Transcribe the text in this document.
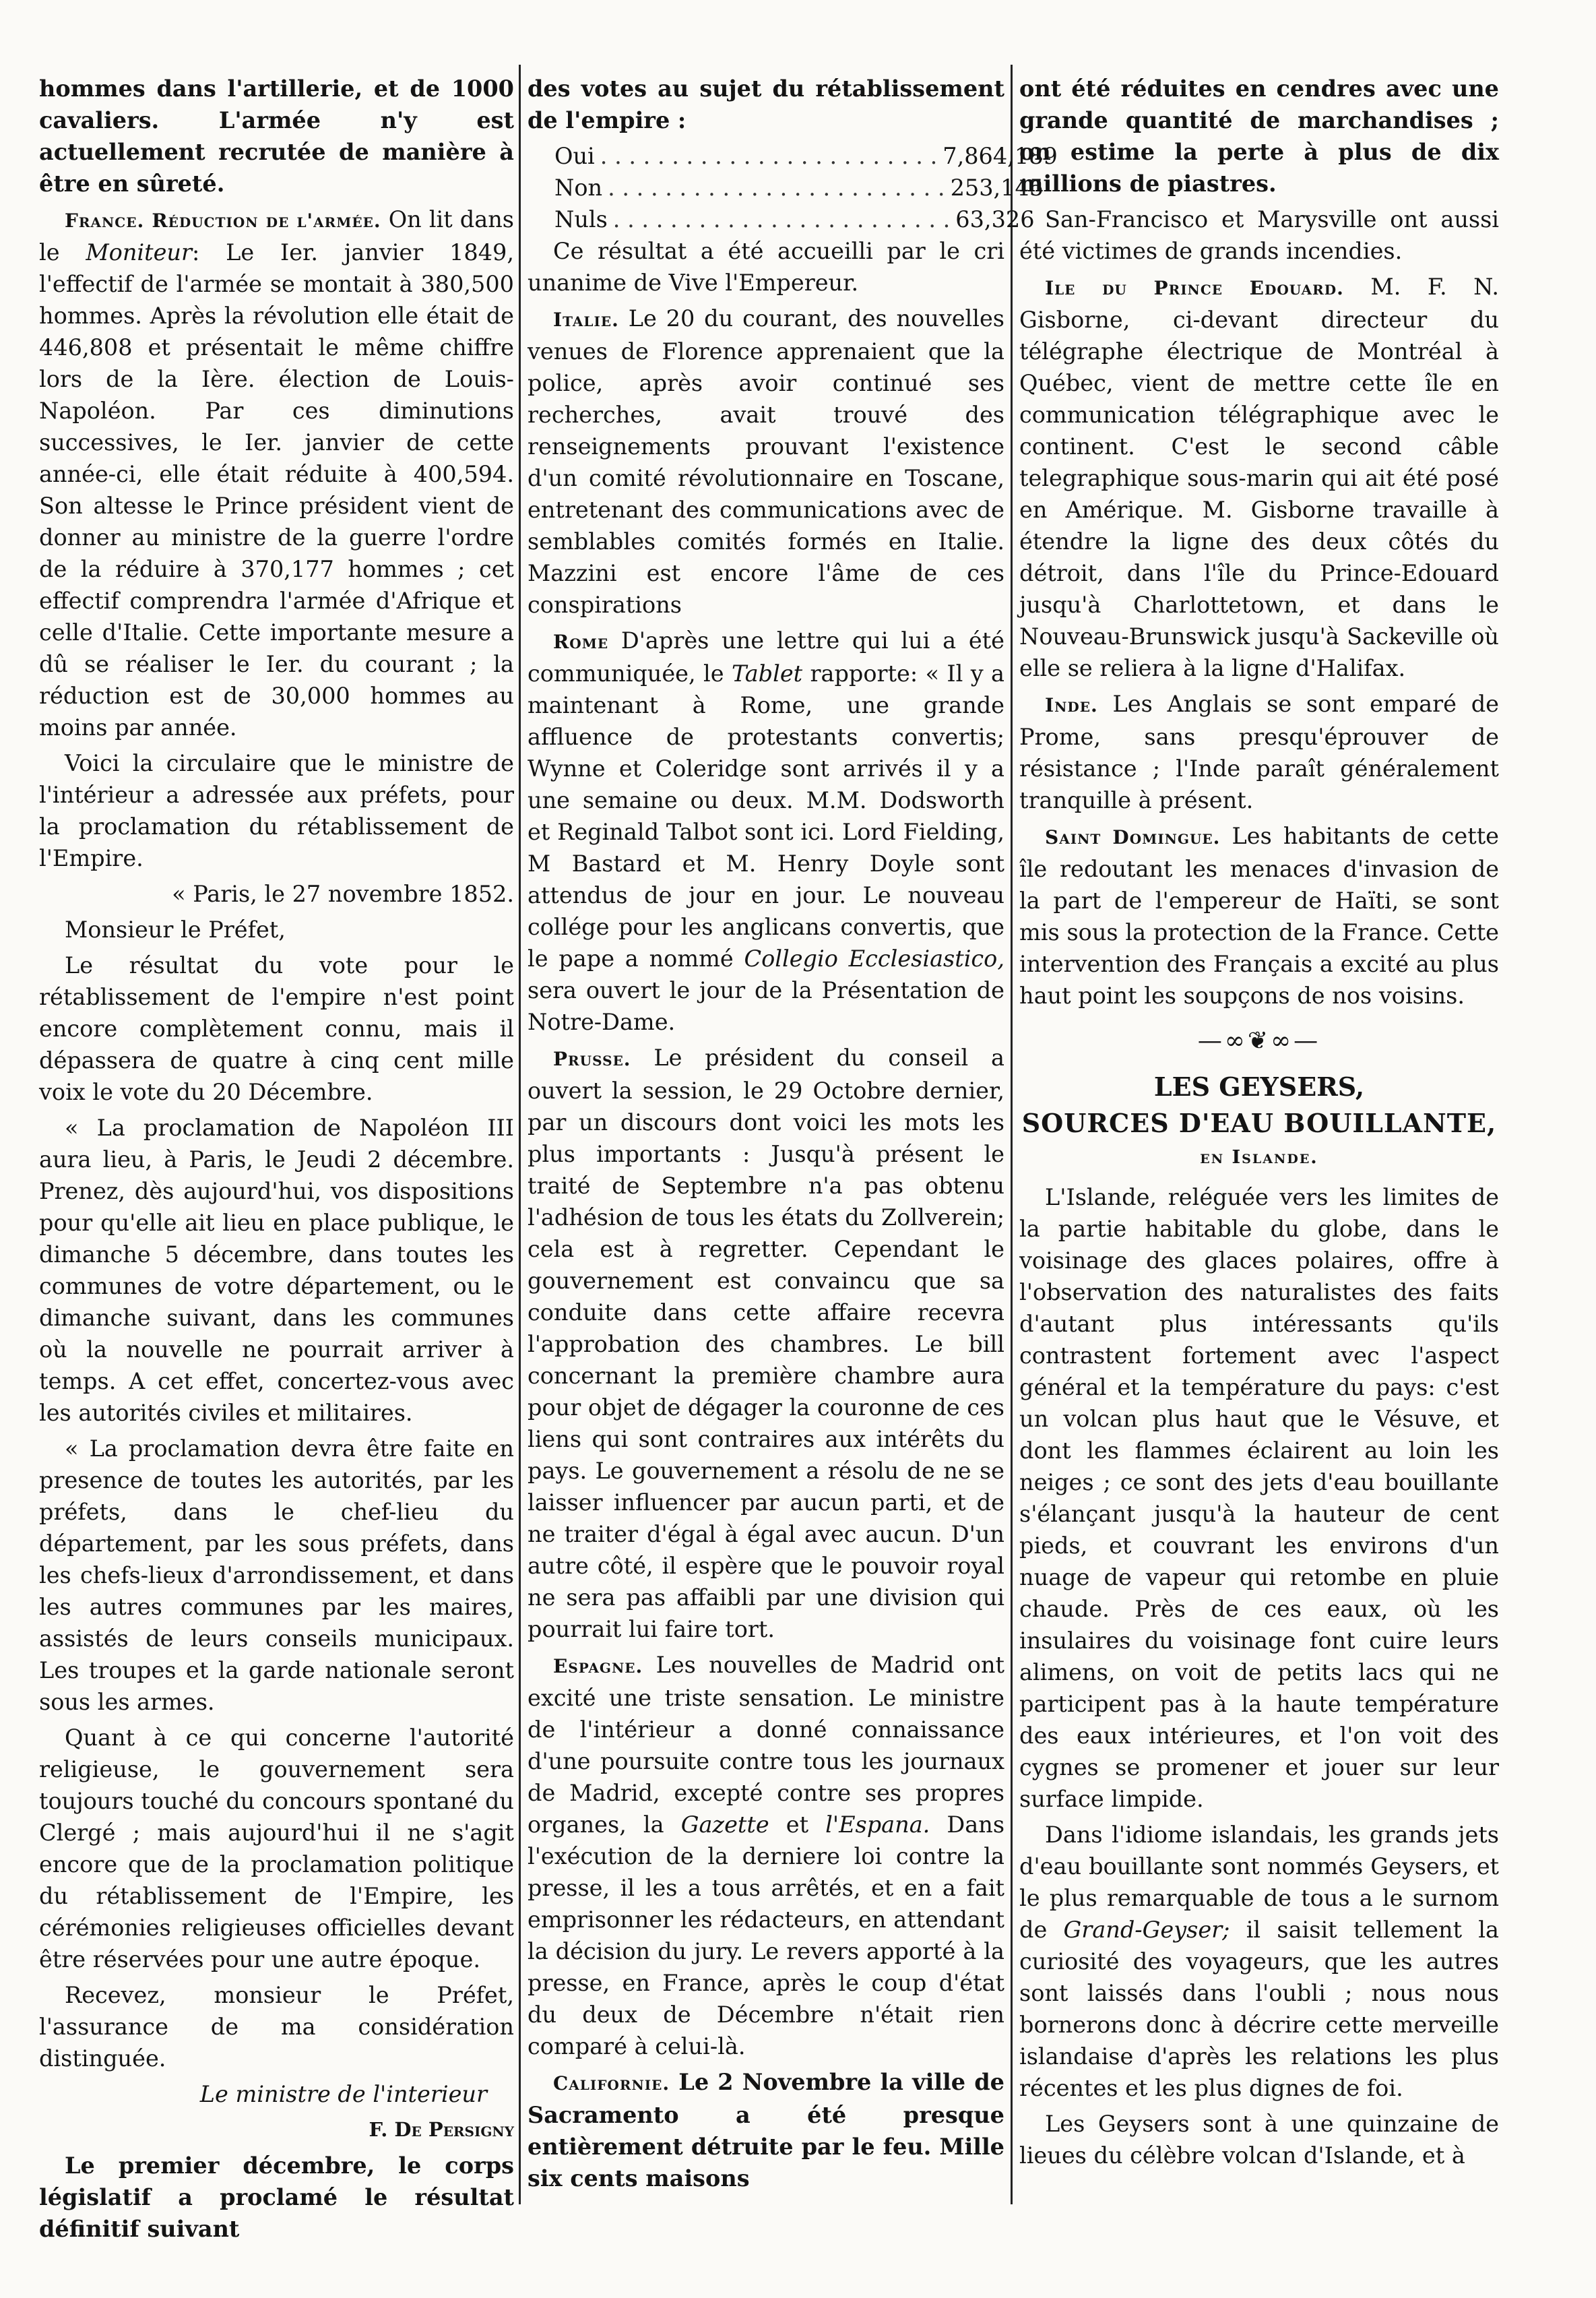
hommes dans l'artillerie, et de 1000 cavaliers. L'armée n'y est actuellement recrutée de manière à être en sûreté.

France. Réduction de l'armée. On lit dans le Moniteur: Le Ier. janvier 1849, l'effectif de l'armée se montait à 380,500 hommes. Après la révolution elle était de 446,808 et présentait le même chiffre lors de la Ière. élection de Louis-Napoléon. Par ces diminutions successives, le Ier. janvier de cette année-ci, elle était réduite à 400,594. Son altesse le Prince président vient de donner au ministre de la guerre l'ordre de la réduire à 370,177 hommes ; cet effectif comprendra l'armée d'Afrique et celle d'Italie. Cette importante mesure a dû se réaliser le Ier. du courant ; la réduction est de 30,000 hommes au moins par année.

Voici la circulaire que le ministre de l'intérieur a adressée aux préfets, pour la proclamation du rétablissement de l'Empire.

« Paris, le 27 novembre 1852.

Monsieur le Préfet,

Le résultat du vote pour le rétablissement de l'empire n'est point encore complètement connu, mais il dépassera de quatre à cinq cent mille voix le vote du 20 Décembre.

« La proclamation de Napoléon III aura lieu, à Paris, le Jeudi 2 décembre. Prenez, dès aujourd'hui, vos dispositions pour qu'elle ait lieu en place publique, le dimanche 5 décembre, dans toutes les communes de votre département, ou le dimanche suivant, dans les communes où la nouvelle ne pourrait arriver à temps. A cet effet, concertez-vous avec les autorités civiles et militaires.

« La proclamation devra être faite en presence de toutes les autorités, par les préfets, dans le chef-lieu du département, par les sous préfets, dans les chefs-lieux d'arrondissement, et dans les autres communes par les maires, assistés de leurs conseils municipaux. Les troupes et la garde nationale seront sous les armes.

Quant à ce qui concerne l'autorité religieuse, le gouvernement sera toujours touché du concours spontané du Clergé ; mais aujourd'hui il ne s'agit encore que de la proclamation politique du rétablissement de l'Empire, les cérémonies religieuses officielles devant être réservées pour une autre époque.

Recevez, monsieur le Préfet, l'assurance de ma considération distinguée.

Le ministre de l'interieur

F. De Persigny

Le premier décembre, le corps législatif a proclamé le résultat définitif suivant

des votes au sujet du rétablissement de l'empire :

Oui . . . . . . . . . . . . . . . . . . . . . . . . 7,864,189
Non . . . . . . . . . . . . . . . . . . . . . . . . 253,145
Nuls . . . . . . . . . . . . . . . . . . . . . . . . 63,326

Ce résultat a été accueilli par le cri unanime de Vive l'Empereur.

Italie. Le 20 du courant, des nouvelles venues de Florence apprenaient que la police, après avoir continué ses recherches, avait trouvé des renseignements prouvant l'existence d'un comité révolutionnaire en Toscane, entretenant des communications avec de semblables comités formés en Italie. Mazzini est encore l'âme de ces conspirations

Rome D'après une lettre qui lui a été communiquée, le Tablet rapporte: « Il y a maintenant à Rome, une grande affluence de protestants convertis; Wynne et Coleridge sont arrivés il y a une semaine ou deux. M.M. Dodsworth et Reginald Talbot sont ici. Lord Fielding, M Bastard et M. Henry Doyle sont attendus de jour en jour. Le nouveau collége pour les anglicans convertis, que le pape a nommé Collegio Ecclesiastico, sera ouvert le jour de la Présentation de Notre-Dame.

Prusse. Le président du conseil a ouvert la session, le 29 Octobre dernier, par un discours dont voici les mots les plus importants : Jusqu'à présent le traité de Septembre n'a pas obtenu l'adhésion de tous les états du Zollverein; cela est à regretter. Cependant le gouvernement est convaincu que sa conduite dans cette affaire recevra l'approbation des chambres. Le bill concernant la première chambre aura pour objet de dégager la couronne de ces liens qui sont contraires aux intérêts du pays. Le gouvernement a résolu de ne se laisser influencer par aucun parti, et de ne traiter d'égal à égal avec aucun. D'un autre côté, il espère que le pouvoir royal ne sera pas affaibli par une division qui pourrait lui faire tort.

Espagne. Les nouvelles de Madrid ont excité une triste sensation. Le ministre de l'intérieur a donné connaissance d'une poursuite contre tous les journaux de Madrid, excepté contre ses propres organes, la Gazette et l'Espana. Dans l'exécution de la derniere loi contre la presse, il les a tous arrêtés, et en a fait emprisonner les rédacteurs, en attendant la décision du jury. Le revers apporté à la presse, en France, après le coup d'état du deux de Décembre n'était rien comparé à celui-là.

Californie. Le 2 Novembre la ville de Sacramento a été presque entièrement détruite par le feu. Mille six cents maisons

ont été réduites en cendres avec une grande quantité de marchandises ; on estime la perte à plus de dix millions de piastres.

San-Francisco et Marysville ont aussi été victimes de grands incendies.

Ile du Prince Edouard. M. F. N. Gisborne, ci-devant directeur du télégraphe électrique de Montréal à Québec, vient de mettre cette île en communication télégraphique avec le continent. C'est le second câble telegraphique sous-marin qui ait été posé en Amérique. M. Gisborne travaille à étendre la ligne des deux côtés du détroit, dans l'île du Prince-Edouard jusqu'à Charlottetown, et dans le Nouveau-Brunswick jusqu'à Sackeville où elle se reliera à la ligne d'Halifax.

Inde. Les Anglais se sont emparé de Prome, sans presqu'éprouver de résistance ; l'Inde paraît généralement tranquille à présent.

Saint Domingue. Les habitants de cette île redoutant les menaces d'invasion de la part de l'empereur de Haïti, se sont mis sous la protection de la France. Cette intervention des Français a excité au plus haut point les soupçons de nos voisins.

—∞❦∞—

LES GEYSERS,

SOURCES D'EAU BOUILLANTE,

en Islande.

L'Islande, reléguée vers les limites de la partie habitable du globe, dans le voisinage des glaces polaires, offre à l'observation des naturalistes des faits d'autant plus intéressants qu'ils contrastent fortement avec l'aspect général et la température du pays: c'est un volcan plus haut que le Vésuve, et dont les flammes éclairent au loin les neiges ; ce sont des jets d'eau bouillante s'élançant jusqu'à la hauteur de cent pieds, et couvrant les environs d'un nuage de vapeur qui retombe en pluie chaude. Près de ces eaux, où les insulaires du voisinage font cuire leurs alimens, on voit de petits lacs qui ne participent pas à la haute température des eaux intérieures, et l'on voit des cygnes se promener et jouer sur leur surface limpide.

Dans l'idiome islandais, les grands jets d'eau bouillante sont nommés Geysers, et le plus remarquable de tous a le surnom de Grand-Geyser; il saisit tellement la curiosité des voyageurs, que les autres sont laissés dans l'oubli ; nous nous bornerons donc à décrire cette merveille islandaise d'après les relations les plus récentes et les plus dignes de foi.

Les Geysers sont à une quinzaine de lieues du célèbre volcan d'Islande, et à
